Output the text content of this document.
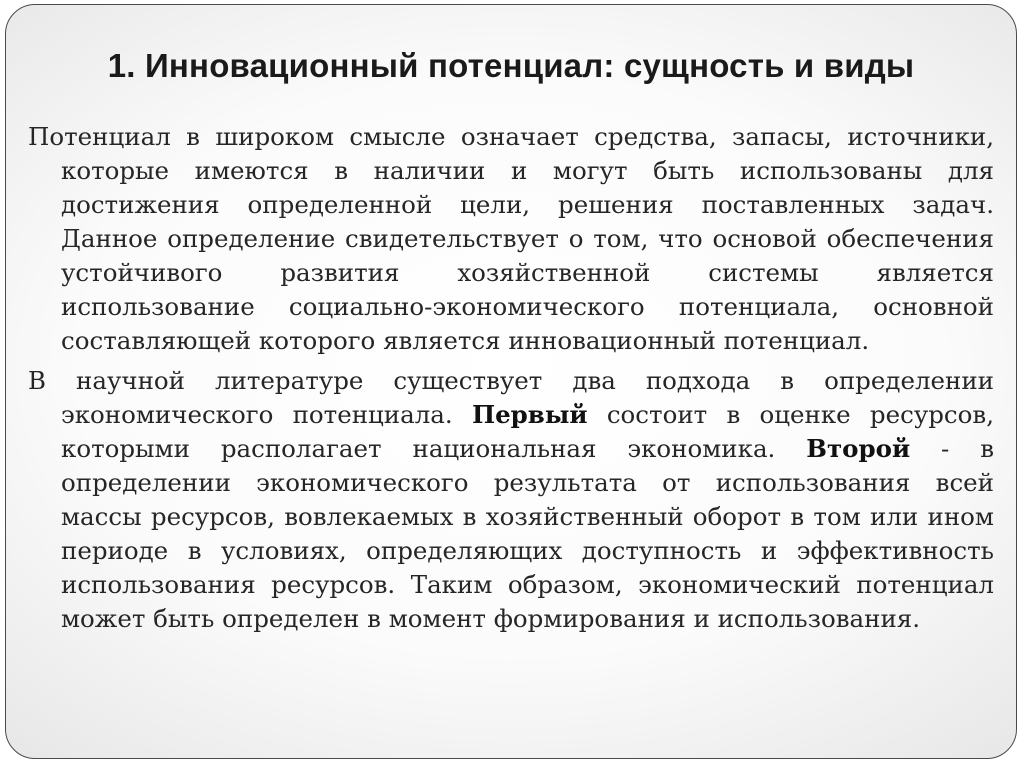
1. Инновационный потенциал: сущность и виды

Потенциал в широком смысле означает средства, запасы, источники, которые имеются в наличии и могут быть использованы для достижения определенной цели, решения поставленных задач. Данное определение свидетельствует о том, что основой обеспечения устойчивого развития хозяйственной системы является использование социально-экономического потенциала, основной составляющей которого является инновационный потенциал.

В научной литературе существует два подхода в определении экономического потенциала. Первый состоит в оценке ресурсов, которыми располагает национальная экономика. Второй - в определении экономического результата от использования всей массы ресурсов, вовлекаемых в хозяйственный оборот в том или ином периоде в условиях, определяющих доступность и эффективность использования ресурсов. Таким образом, экономический потенциал может быть определен в момент формирования и использования.
